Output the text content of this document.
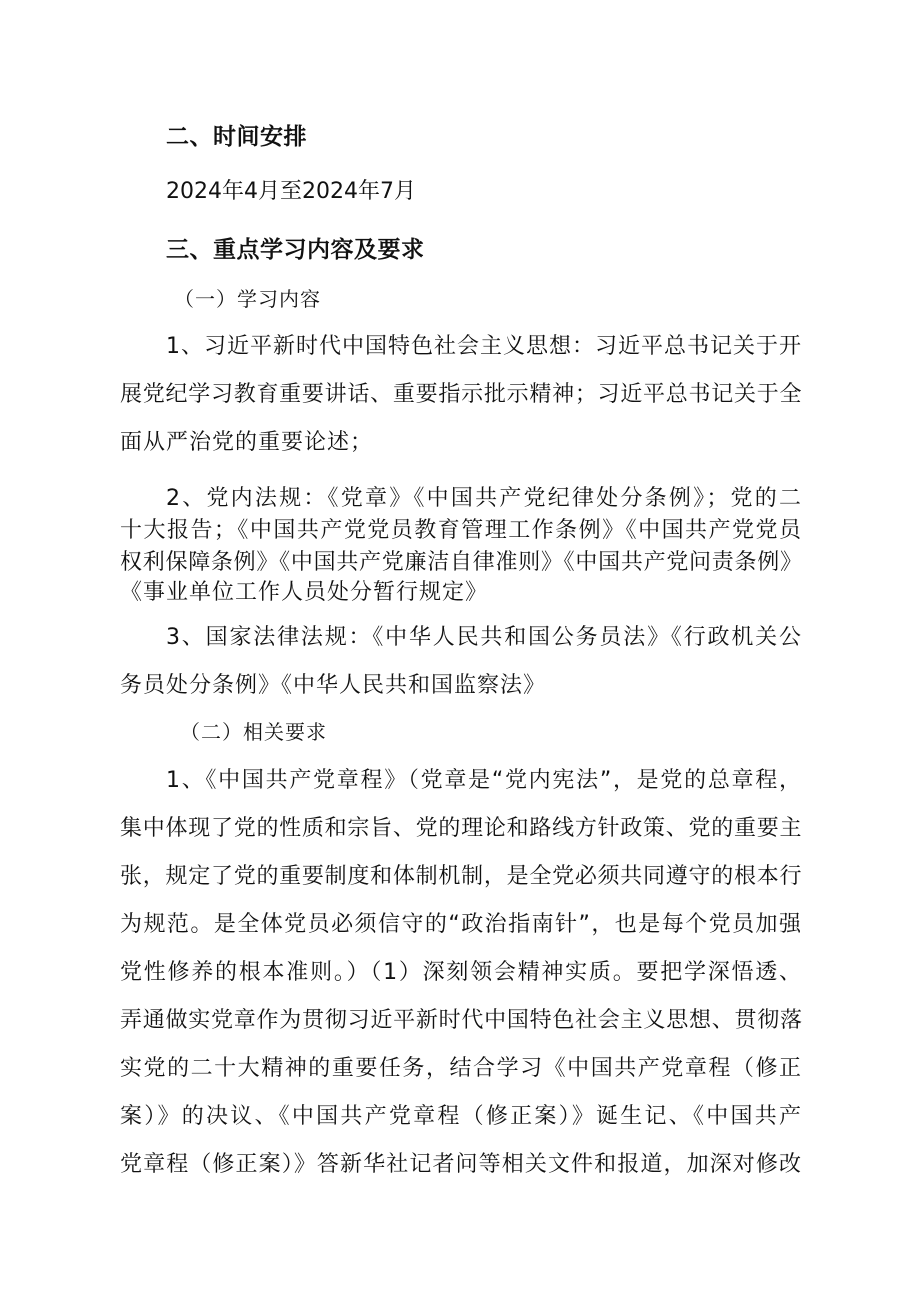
二、时间安排
2024年4月至2024年7月
三、重点学习内容及要求
（一）学习内容
1、习近平新时代中国特色社会主义思想：习近平总书记关于开
展党纪学习教育重要讲话、重要指示批示精神；习近平总书记关于全
面从严治党的重要论述；
2、党内法规：《党章》《中国共产党纪律处分条例》；党的二
十大报告；《中国共产党党员教育管理工作条例》《中国共产党党员
权利保障条例》《中国共产党廉洁自律准则》《中国共产党问责条例》
《事业单位工作人员处分暂行规定》
3、国家法律法规：《中华人民共和国公务员法》《行政机关公
务员处分条例》《中华人民共和国监察法》
（二）相关要求
1、《中国共产党章程》（党章是“党内宪法”，是党的总章程，
集中体现了党的性质和宗旨、党的理论和路线方针政策、党的重要主
张，规定了党的重要制度和体制机制，是全党必须共同遵守的根本行
为规范。是全体党员必须信守的“政治指南针”，也是每个党员加强
党性修养的根本准则。）（1）深刻领会精神实质。要把学深悟透、
弄通做实党章作为贯彻习近平新时代中国特色社会主义思想、贯彻落
实党的二十大精神的重要任务，结合学习《中国共产党章程（修正
案）》的决议、《中国共产党章程（修正案）》诞生记、《中国共产
党章程（修正案）》答新华社记者问等相关文件和报道，加深对修改
